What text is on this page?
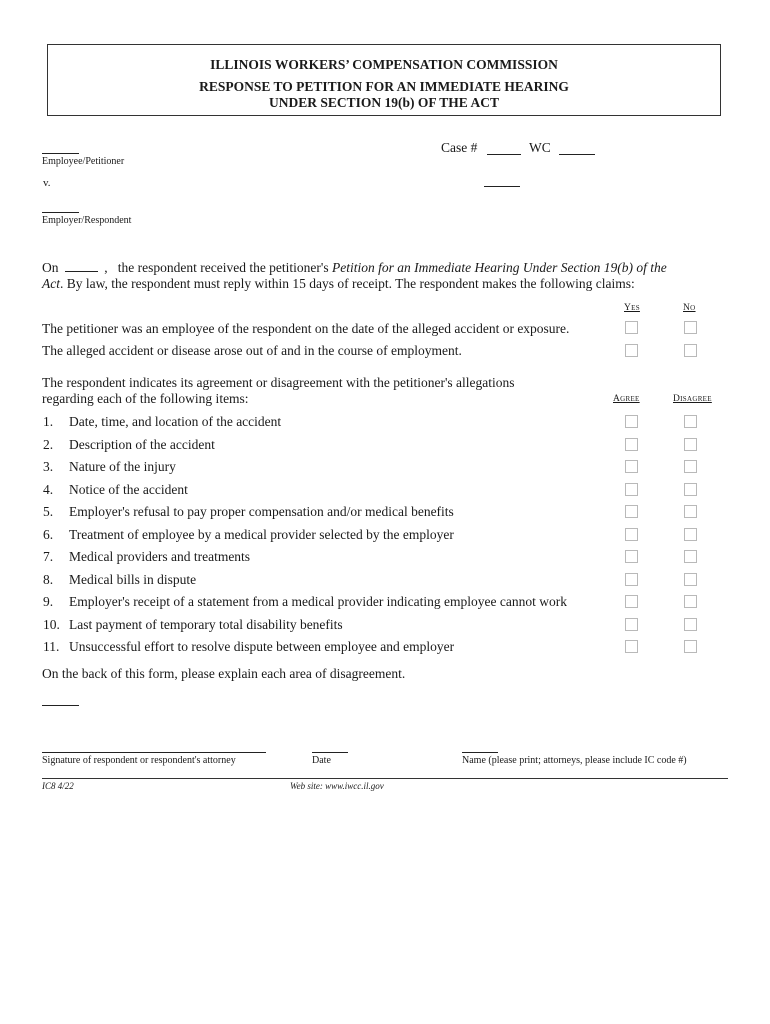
ILLINOIS WORKERS’ COMPENSATION COMMISSION
RESPONSE TO PETITION FOR AN IMMEDIATE HEARING
UNDER SECTION 19(b) OF THE ACT
Employee/Petitioner
Case #	WC
v.
Employer/Respondent
On	, the respondent received the petitioner's Petition for an Immediate Hearing Under Section 19(b) of the
Act. By law, the respondent must reply within 15 days of receipt. The respondent makes the following claims:
Yes	No
The petitioner was an employee of the respondent on the date of the alleged accident or exposure.
The alleged accident or disease arose out of and in the course of employment.
The respondent indicates its agreement or disagreement with the petitioner's allegations
regarding each of the following items:	Agree	Disagree
1. Date, time, and location of the accident
2. Description of the accident
3. Nature of the injury
4. Notice of the accident
5. Employer's refusal to pay proper compensation and/or medical benefits
6. Treatment of employee by a medical provider selected by the employer
7. Medical providers and treatments
8. Medical bills in dispute
9. Employer's receipt of a statement from a medical provider indicating employee cannot work
10. Last payment of temporary total disability benefits
11. Unsuccessful effort to resolve dispute between employee and employer
On the back of this form, please explain each area of disagreement.
Signature of respondent or respondent's attorney	Date	Name (please print; attorneys, please include IC code #)
IC8 4/22	Web site: www.iwcc.il.gov
